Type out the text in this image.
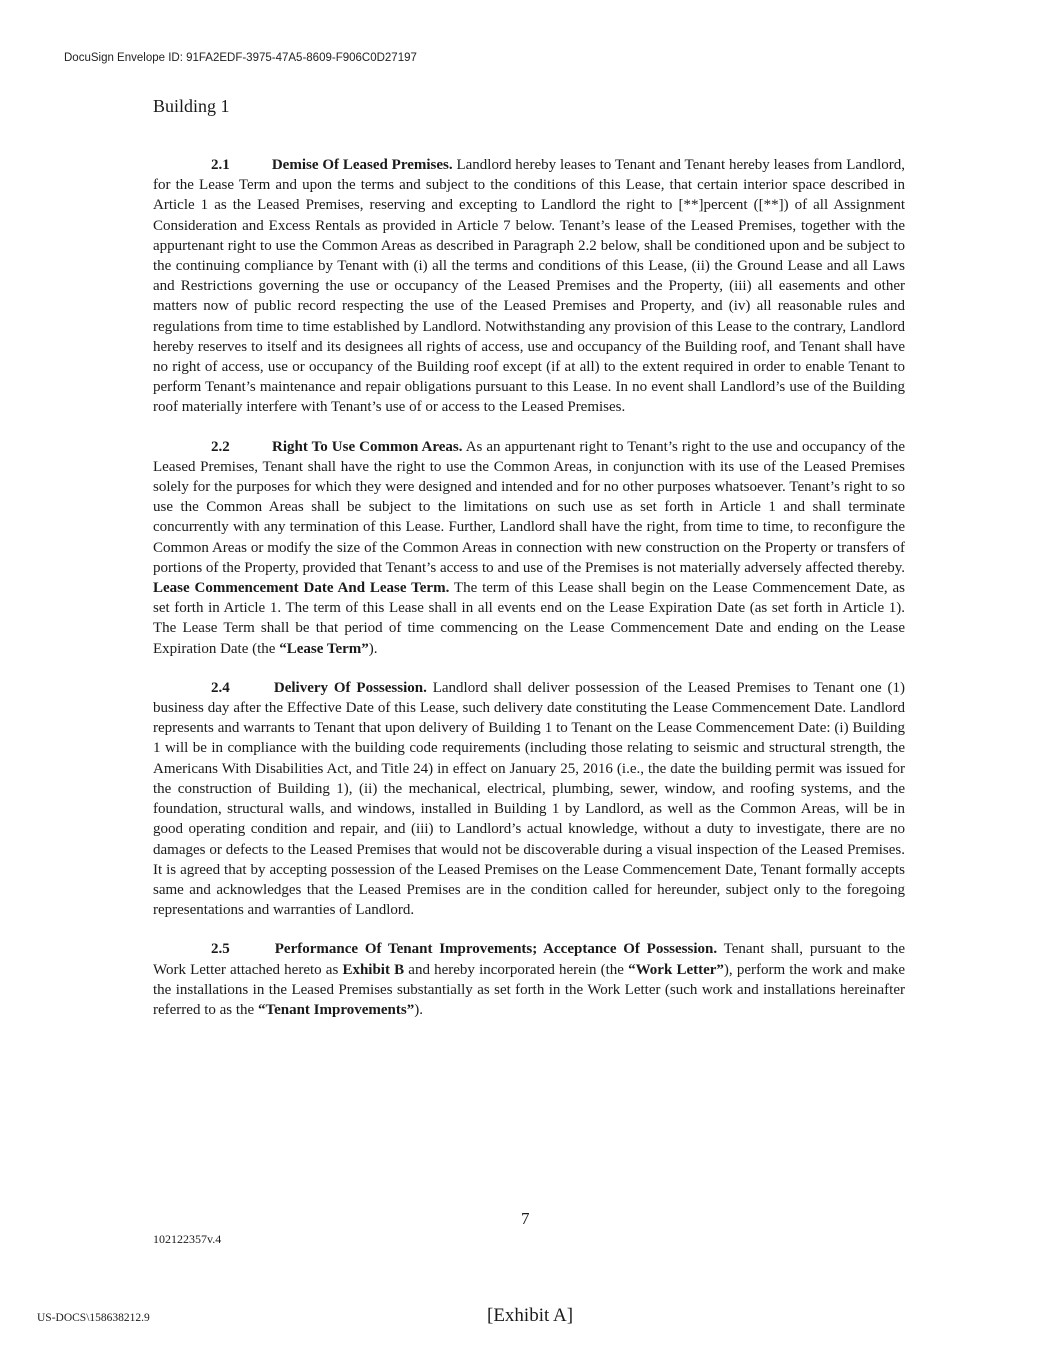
DocuSign Envelope ID: 91FA2EDF-3975-47A5-8609-F906C0D27197
Building 1

2.1	Demise Of Leased Premises. Landlord hereby leases to Tenant and Tenant hereby leases from Landlord, for the Lease Term and upon the terms and subject to the conditions of this Lease, that certain interior space described in Article 1 as the Leased Premises, reserving and excepting to Landlord the right to [**]percent ([**]) of all Assignment Consideration and Excess Rentals as provided in Article 7 below. Tenant’s lease of the Leased Premises, together with the appurtenant right to use the Common Areas as described in Paragraph 2.2 below, shall be conditioned upon and be subject to the continuing compliance by Tenant with (i) all the terms and conditions of this Lease, (ii) the Ground Lease and all Laws and Restrictions governing the use or occupancy of the Leased Premises and the Property, (iii) all easements and other matters now of public record respecting the use of the Leased Premises and Property, and (iv) all reasonable rules and regulations from time to time established by Landlord. Notwithstanding any provision of this Lease to the contrary, Landlord hereby reserves to itself and its designees all rights of access, use and occupancy of the Building roof, and Tenant shall have no right of access, use or occupancy of the Building roof except (if at all) to the extent required in order to enable Tenant to perform Tenant’s maintenance and repair obligations pursuant to this Lease. In no event shall Landlord’s use of the Building roof materially interfere with Tenant’s use of or access to the Leased Premises.

2.2	Right To Use Common Areas. As an appurtenant right to Tenant’s right to the use and occupancy of the Leased Premises, Tenant shall have the right to use the Common Areas, in conjunction with its use of the Leased Premises solely for the purposes for which they were designed and intended and for no other purposes whatsoever. Tenant’s right to so use the Common Areas shall be subject to the limitations on such use as set forth in Article 1 and shall terminate concurrently with any termination of this Lease. Further, Landlord shall have the right, from time to time, to reconfigure the Common Areas or modify the size of the Common Areas in connection with new construction on the Property or transfers of portions of the Property, provided that Tenant’s access to and use of the Premises is not materially adversely affected thereby. Lease Commencement Date And Lease Term. The term of this Lease shall begin on the Lease Commencement Date, as set forth in Article 1. The term of this Lease shall in all events end on the Lease Expiration Date (as set forth in Article 1). The Lease Term shall be that period of time commencing on the Lease Commencement Date and ending on the Lease Expiration Date (the “Lease Term”).

2.4	Delivery Of Possession. Landlord shall deliver possession of the Leased Premises to Tenant one (1) business day after the Effective Date of this Lease, such delivery date constituting the Lease Commencement Date. Landlord represents and warrants to Tenant that upon delivery of Building 1 to Tenant on the Lease Commencement Date: (i) Building 1 will be in compliance with the building code requirements (including those relating to seismic and structural strength, the Americans With Disabilities Act, and Title 24) in effect on January 25, 2016 (i.e., the date the building permit was issued for the construction of Building 1), (ii) the mechanical, electrical, plumbing, sewer, window, and roofing systems, and the foundation, structural walls, and windows, installed in Building 1 by Landlord, as well as the Common Areas, will be in good operating condition and repair, and (iii) to Landlord’s actual knowledge, without a duty to investigate, there are no damages or defects to the Leased Premises that would not be discoverable during a visual inspection of the Leased Premises. It is agreed that by accepting possession of the Leased Premises on the Lease Commencement Date, Tenant formally accepts same and acknowledges that the Leased Premises are in the condition called for hereunder, subject only to the foregoing representations and warranties of Landlord.

2.5	Performance Of Tenant Improvements; Acceptance Of Possession. Tenant shall, pursuant to the Work Letter attached hereto as Exhibit B and hereby incorporated herein (the “Work Letter”), perform the work and make the installations in the Leased Premises substantially as set forth in the Work Letter (such work and installations hereinafter referred to as the “Tenant Improvements”).

7
102122357v.4
US-DOCS\158638212.9	[Exhibit A]
